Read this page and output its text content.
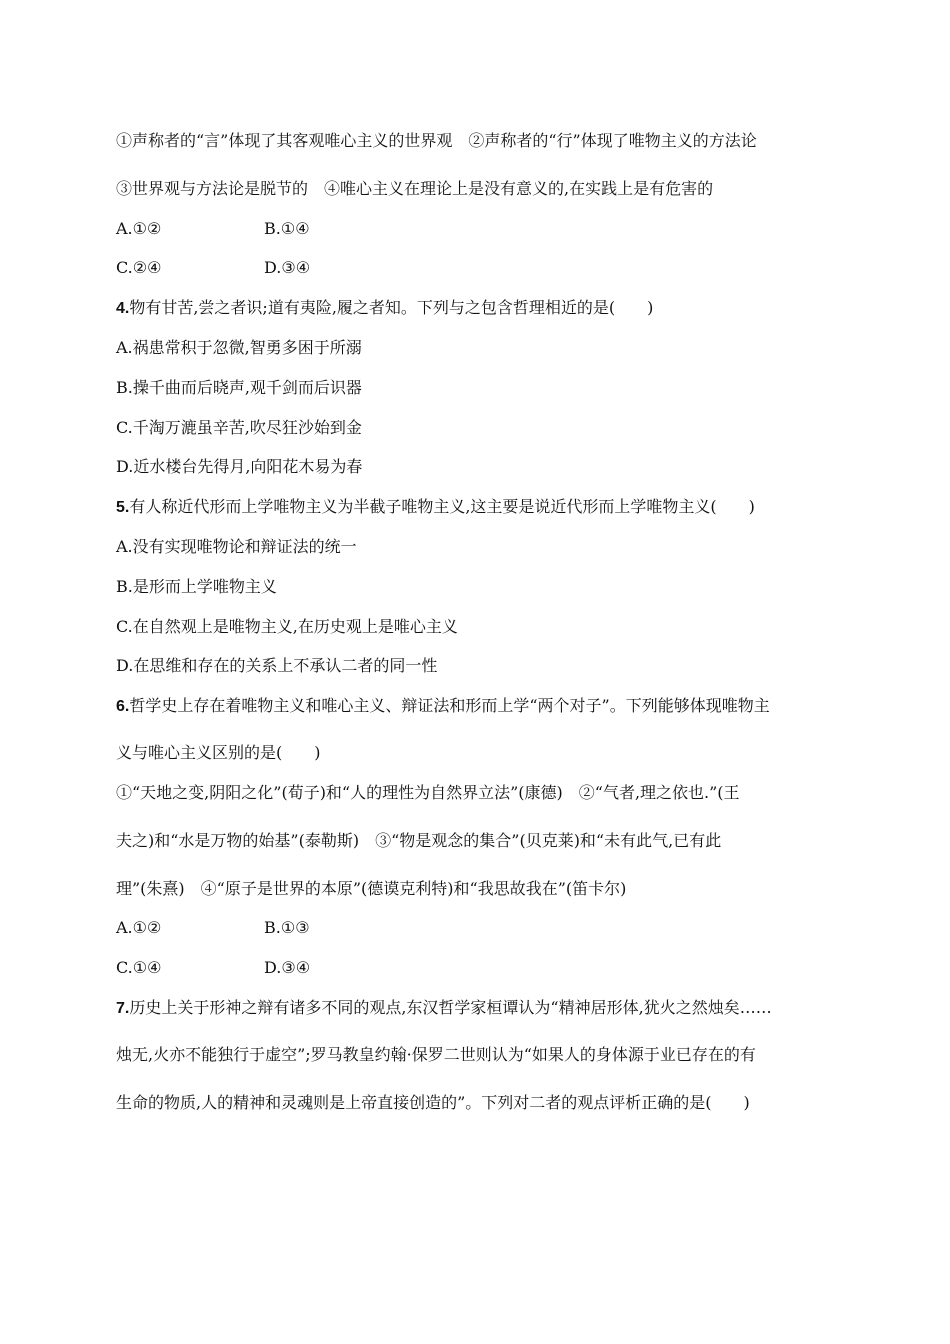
①声称者的“言”体现了其客观唯心主义的世界观　②声称者的“行”体现了唯物主义的方法论
③世界观与方法论是脱节的　④唯心主义在理论上是没有意义的,在实践上是有危害的
A.①②	B.①④
C.②④	D.③④
4.物有甘苦,尝之者识;道有夷险,履之者知。下列与之包含哲理相近的是(　　)
A.祸患常积于忽微,智勇多困于所溺
B.操千曲而后晓声,观千剑而后识器
C.千淘万漉虽辛苦,吹尽狂沙始到金
D.近水楼台先得月,向阳花木易为春
5.有人称近代形而上学唯物主义为半截子唯物主义,这主要是说近代形而上学唯物主义(　　)
A.没有实现唯物论和辩证法的统一
B.是形而上学唯物主义
C.在自然观上是唯物主义,在历史观上是唯心主义
D.在思维和存在的关系上不承认二者的同一性
6.哲学史上存在着唯物主义和唯心主义、辩证法和形而上学“两个对子”。下列能够体现唯物主
义与唯心主义区别的是(　　)
①“天地之变,阴阳之化”(荀子)和“人的理性为自然界立法”(康德)　②“气者,理之依也.”(王
夫之)和“水是万物的始基”(泰勒斯)　③“物是观念的集合”(贝克莱)和“未有此气,已有此
理”(朱熹)　④“原子是世界的本原”(德谟克利特)和“我思故我在”(笛卡尔)
A.①②	B.①③
C.①④	D.③④
7.历史上关于形神之辩有诸多不同的观点,东汉哲学家桓谭认为“精神居形体,犹火之然烛矣……
烛无,火亦不能独行于虚空”;罗马教皇约翰·保罗二世则认为“如果人的身体源于业已存在的有
生命的物质,人的精神和灵魂则是上帝直接创造的”。下列对二者的观点评析正确的是(　　)
